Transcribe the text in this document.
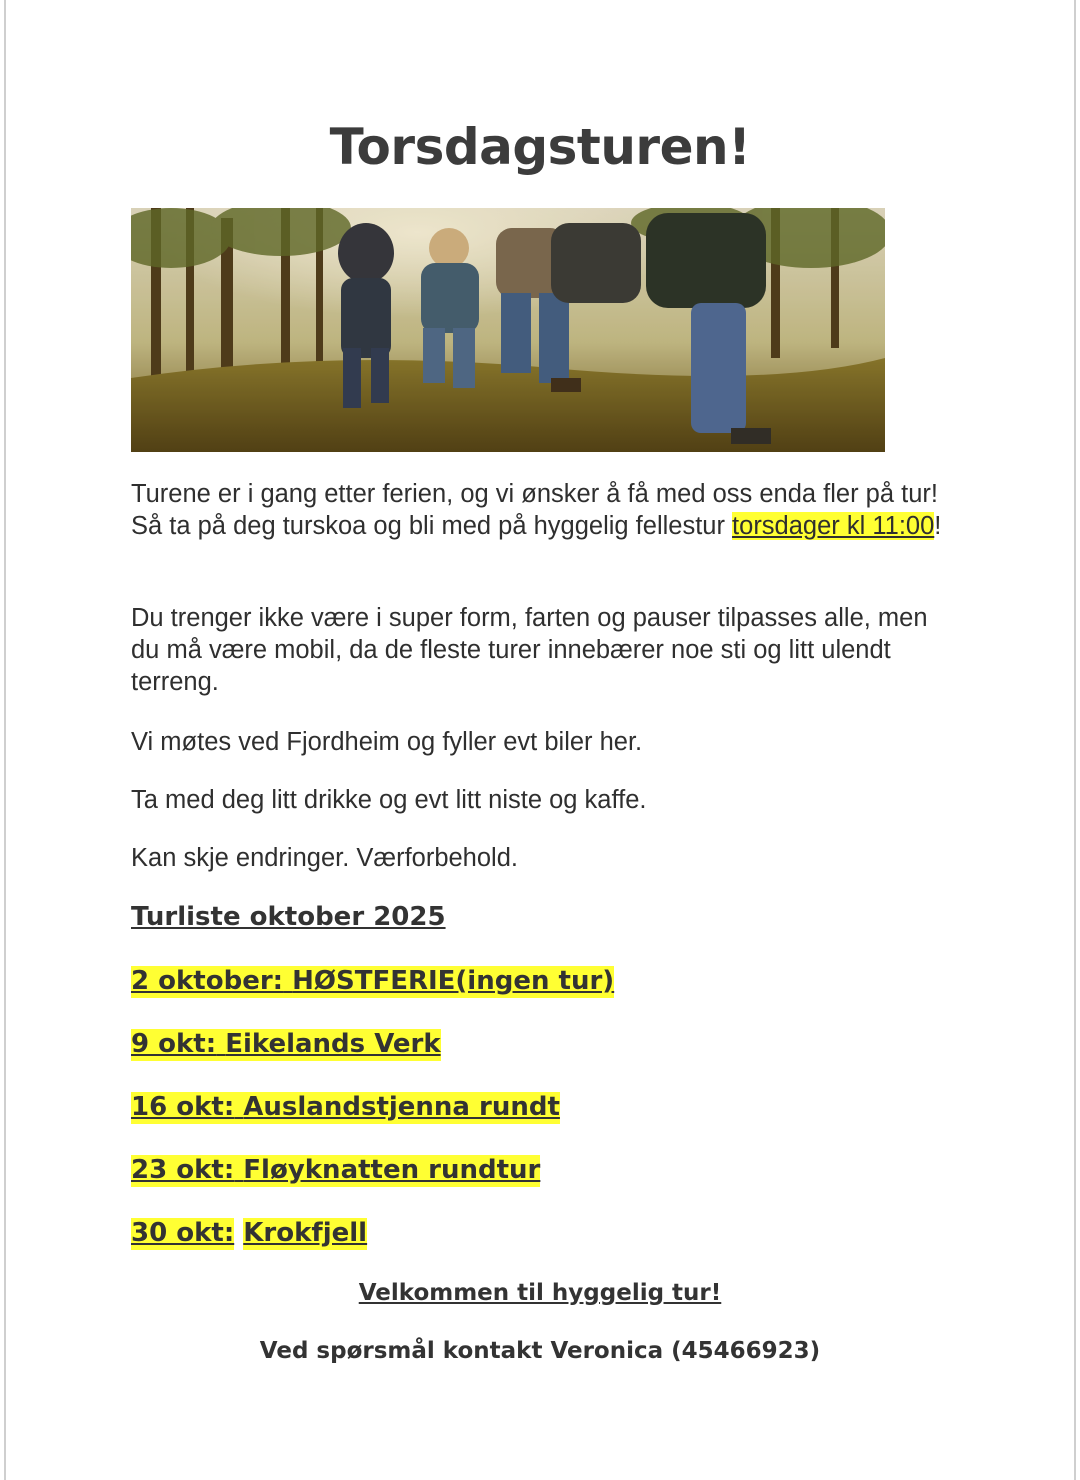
Torsdagsturen!

Turene er i gang etter ferien, og vi ønsker å få med oss enda fler på tur! Så ta på deg turskoa og bli med på hyggelig fellestur torsdager kl 11:00!

Du trenger ikke være i super form, farten og pauser tilpasses alle, men du må være mobil, da de fleste turer innebærer noe sti og litt ulendt terreng.

Vi møtes ved Fjordheim og fyller evt biler her.

Ta med deg litt drikke og evt litt niste og kaffe.

Kan skje endringer. Værforbehold.

Turliste oktober 2025
2 oktober: HØSTFERIE(ingen tur)
9 okt: Eikelands Verk
16 okt: Auslandstjenna rundt
23 okt: Fløyknatten rundtur
30 okt: Krokfjell
Velkommen til hyggelig tur!
Ved spørsmål kontakt Veronica (45466923)
